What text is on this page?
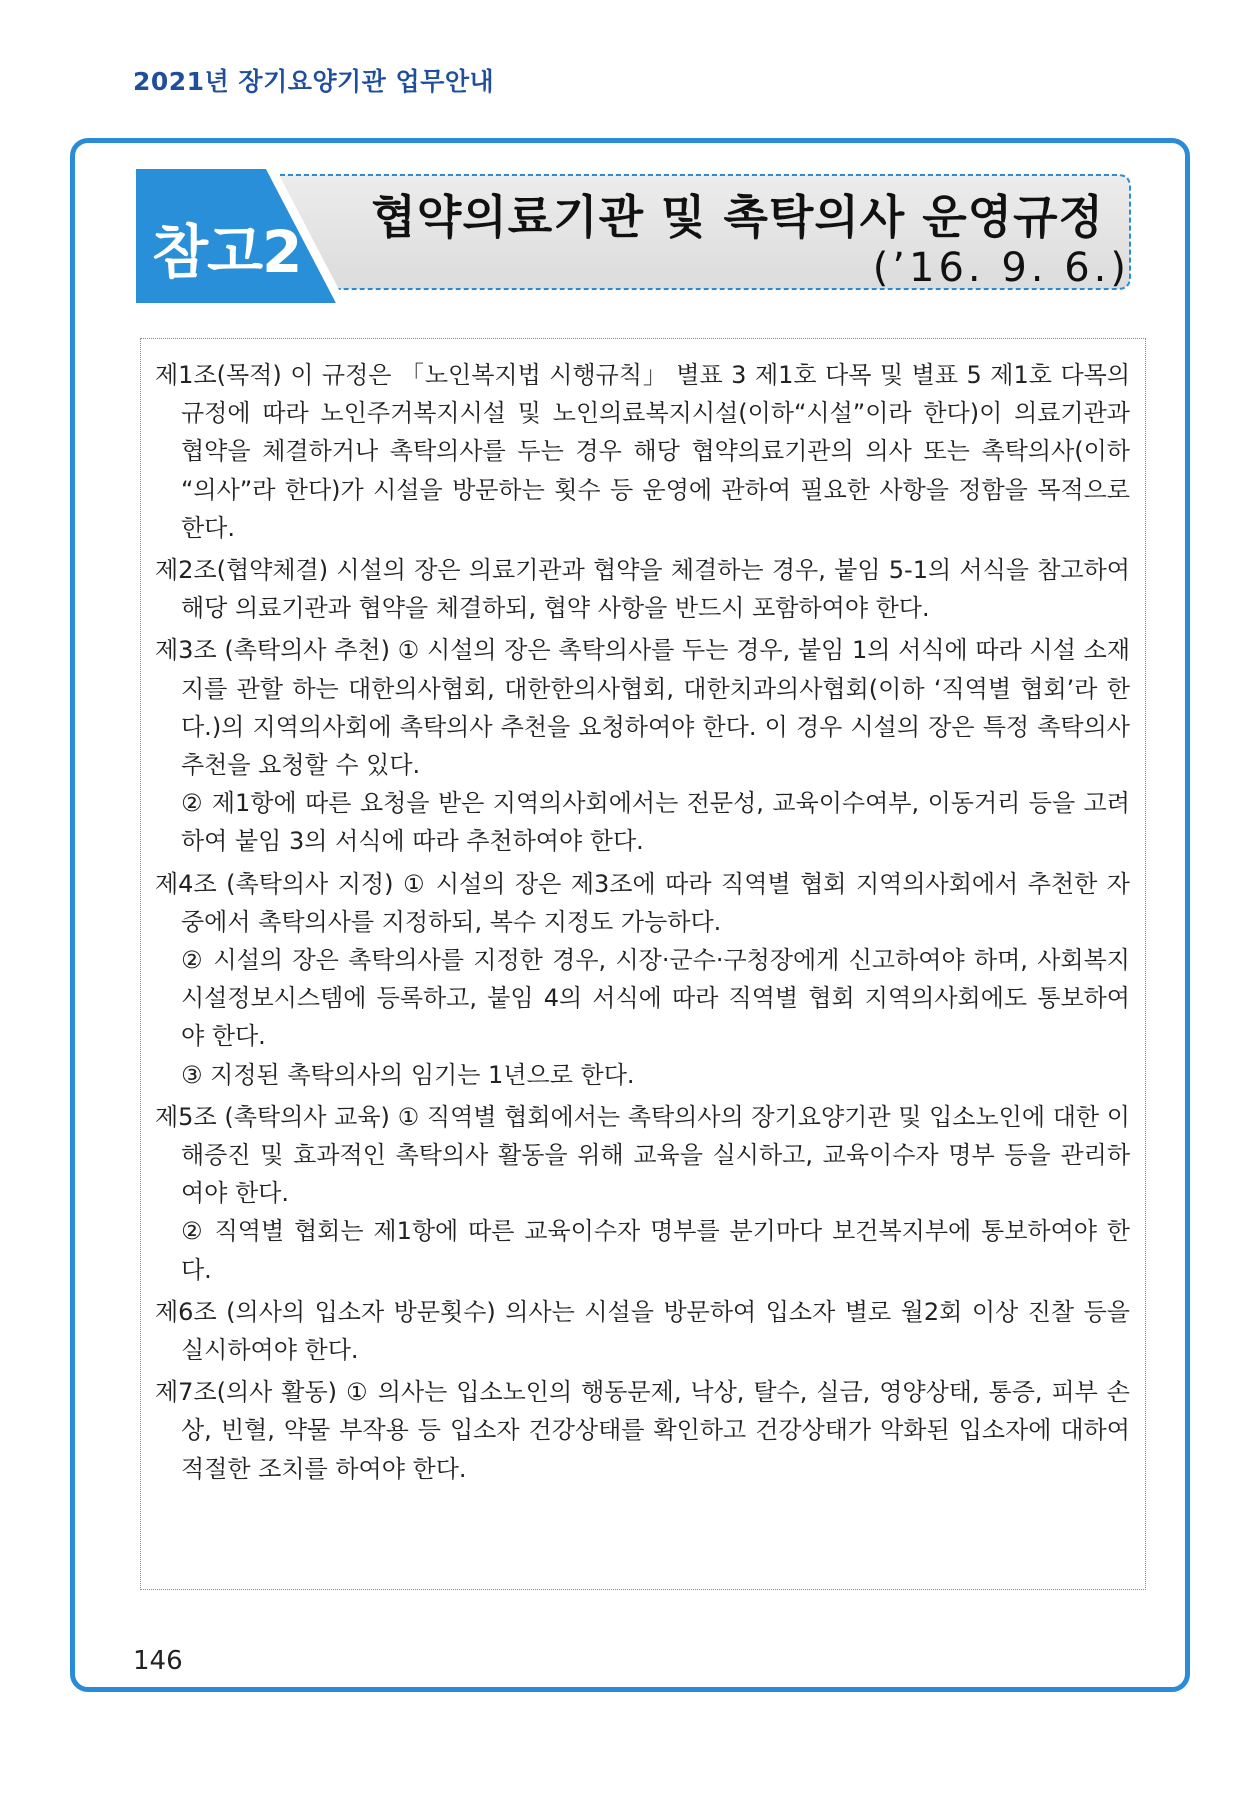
2021년 장기요양기관 업무안내
참고2
협약의료기관 및 촉탁의사 운영규정
(’16. 9. 6.)

제1조(목적) 이 규정은 「노인복지법 시행규칙」 별표 3 제1호 다목 및 별표 5 제1호 다목의 규정에 따라 노인주거복지시설 및 노인의료복지시설(이하“시설”이라 한다)이 의료기관과 협약을 체결하거나 촉탁의사를 두는 경우 해당 협약의료기관의 의사 또는 촉탁의사(이하 “의사”라 한다)가 시설을 방문하는 횟수 등 운영에 관하여 필요한 사항을 정함을 목적으로 한다.

제2조(협약체결) 시설의 장은 의료기관과 협약을 체결하는 경우, 붙임 5-1의 서식을 참고하여 해당 의료기관과 협약을 체결하되, 협약 사항을 반드시 포함하여야 한다.

제3조 (촉탁의사 추천) ① 시설의 장은 촉탁의사를 두는 경우, 붙임 1의 서식에 따라 시설 소재지를 관할 하는 대한의사협회, 대한한의사협회, 대한치과의사협회(이하 ‘직역별 협회’라 한다.)의 지역의사회에 촉탁의사 추천을 요청하여야 한다. 이 경우 시설의 장은 특정 촉탁의사 추천을 요청할 수 있다.

② 제1항에 따른 요청을 받은 지역의사회에서는 전문성, 교육이수여부, 이동거리 등을 고려하여 붙임 3의 서식에 따라 추천하여야 한다.

제4조 (촉탁의사 지정) ① 시설의 장은 제3조에 따라 직역별 협회 지역의사회에서 추천한 자 중에서 촉탁의사를 지정하되, 복수 지정도 가능하다.

② 시설의 장은 촉탁의사를 지정한 경우, 시장·군수·구청장에게 신고하여야 하며, 사회복지시설정보시스템에 등록하고, 붙임 4의 서식에 따라 직역별 협회 지역의사회에도 통보하여야 한다.

③ 지정된 촉탁의사의 임기는 1년으로 한다.

제5조 (촉탁의사 교육) ① 직역별 협회에서는 촉탁의사의 장기요양기관 및 입소노인에 대한 이해증진 및 효과적인 촉탁의사 활동을 위해 교육을 실시하고, 교육이수자 명부 등을 관리하여야 한다.

② 직역별 협회는 제1항에 따른 교육이수자 명부를 분기마다 보건복지부에 통보하여야 한다.

제6조 (의사의 입소자 방문횟수) 의사는 시설을 방문하여 입소자 별로 월2회 이상 진찰 등을 실시하여야 한다.

제7조(의사 활동) ① 의사는 입소노인의 행동문제, 낙상, 탈수, 실금, 영양상태, 통증, 피부 손상, 빈혈, 약물 부작용 등 입소자 건강상태를 확인하고 건강상태가 악화된 입소자에 대하여 적절한 조치를 하여야 한다.

146
